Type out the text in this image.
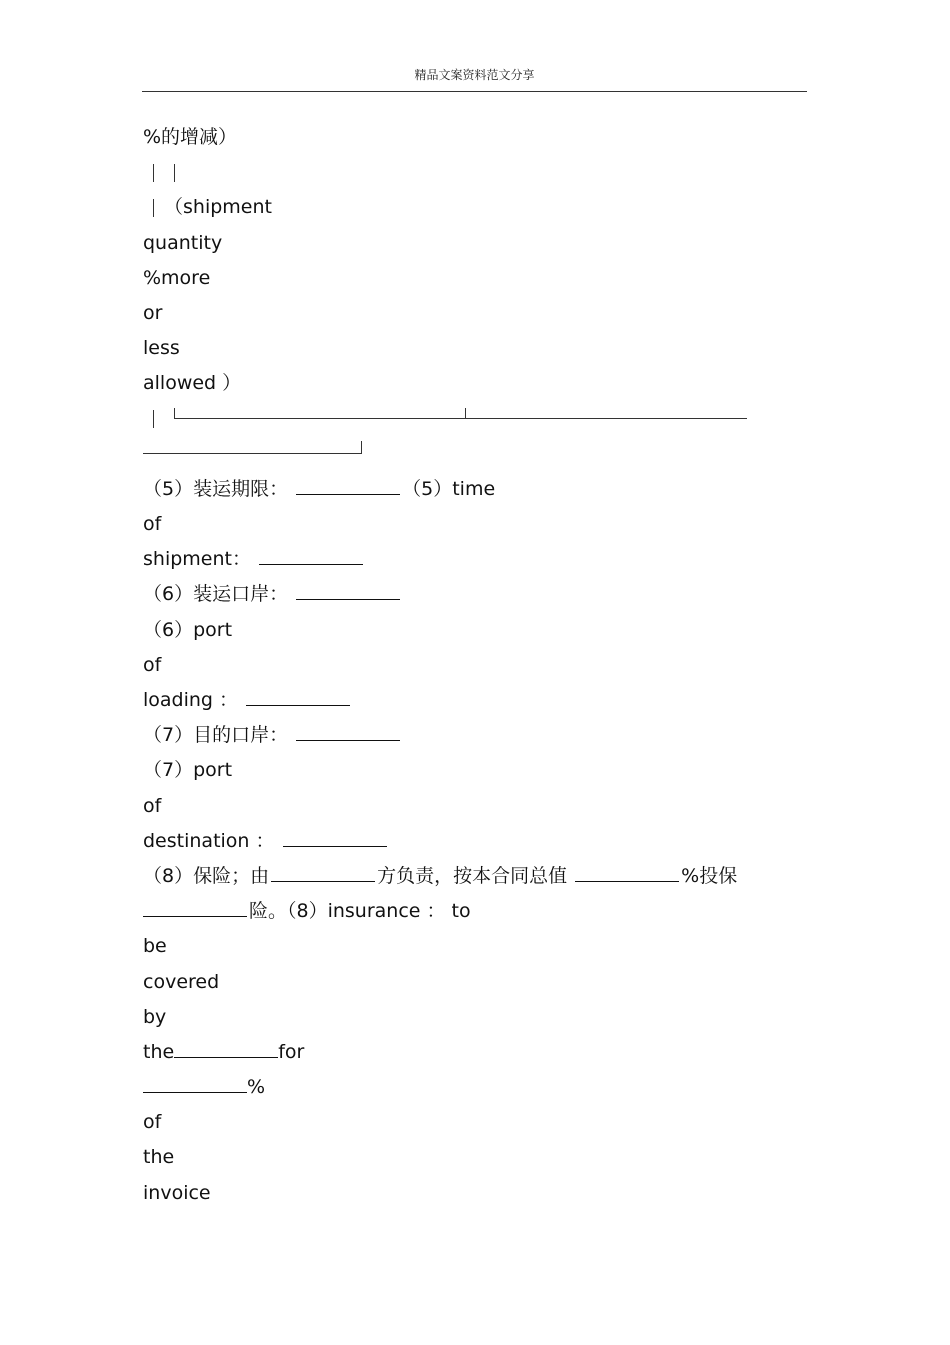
精品文案资料范文分享
%的增减）
（shipment
quantity
%more
or
less
allowed ）
（5）装运期限：	（5）time
of
shipment：
（6）装运口岸：
（6）port
of
loading ：
（7）目的口岸：
（7）port
of
destination ：
（8）保险；由	方负责，按本合同总值	%投保
险。（8）insurance ： to
be
covered
by
the	for
%
of
the
invoice
